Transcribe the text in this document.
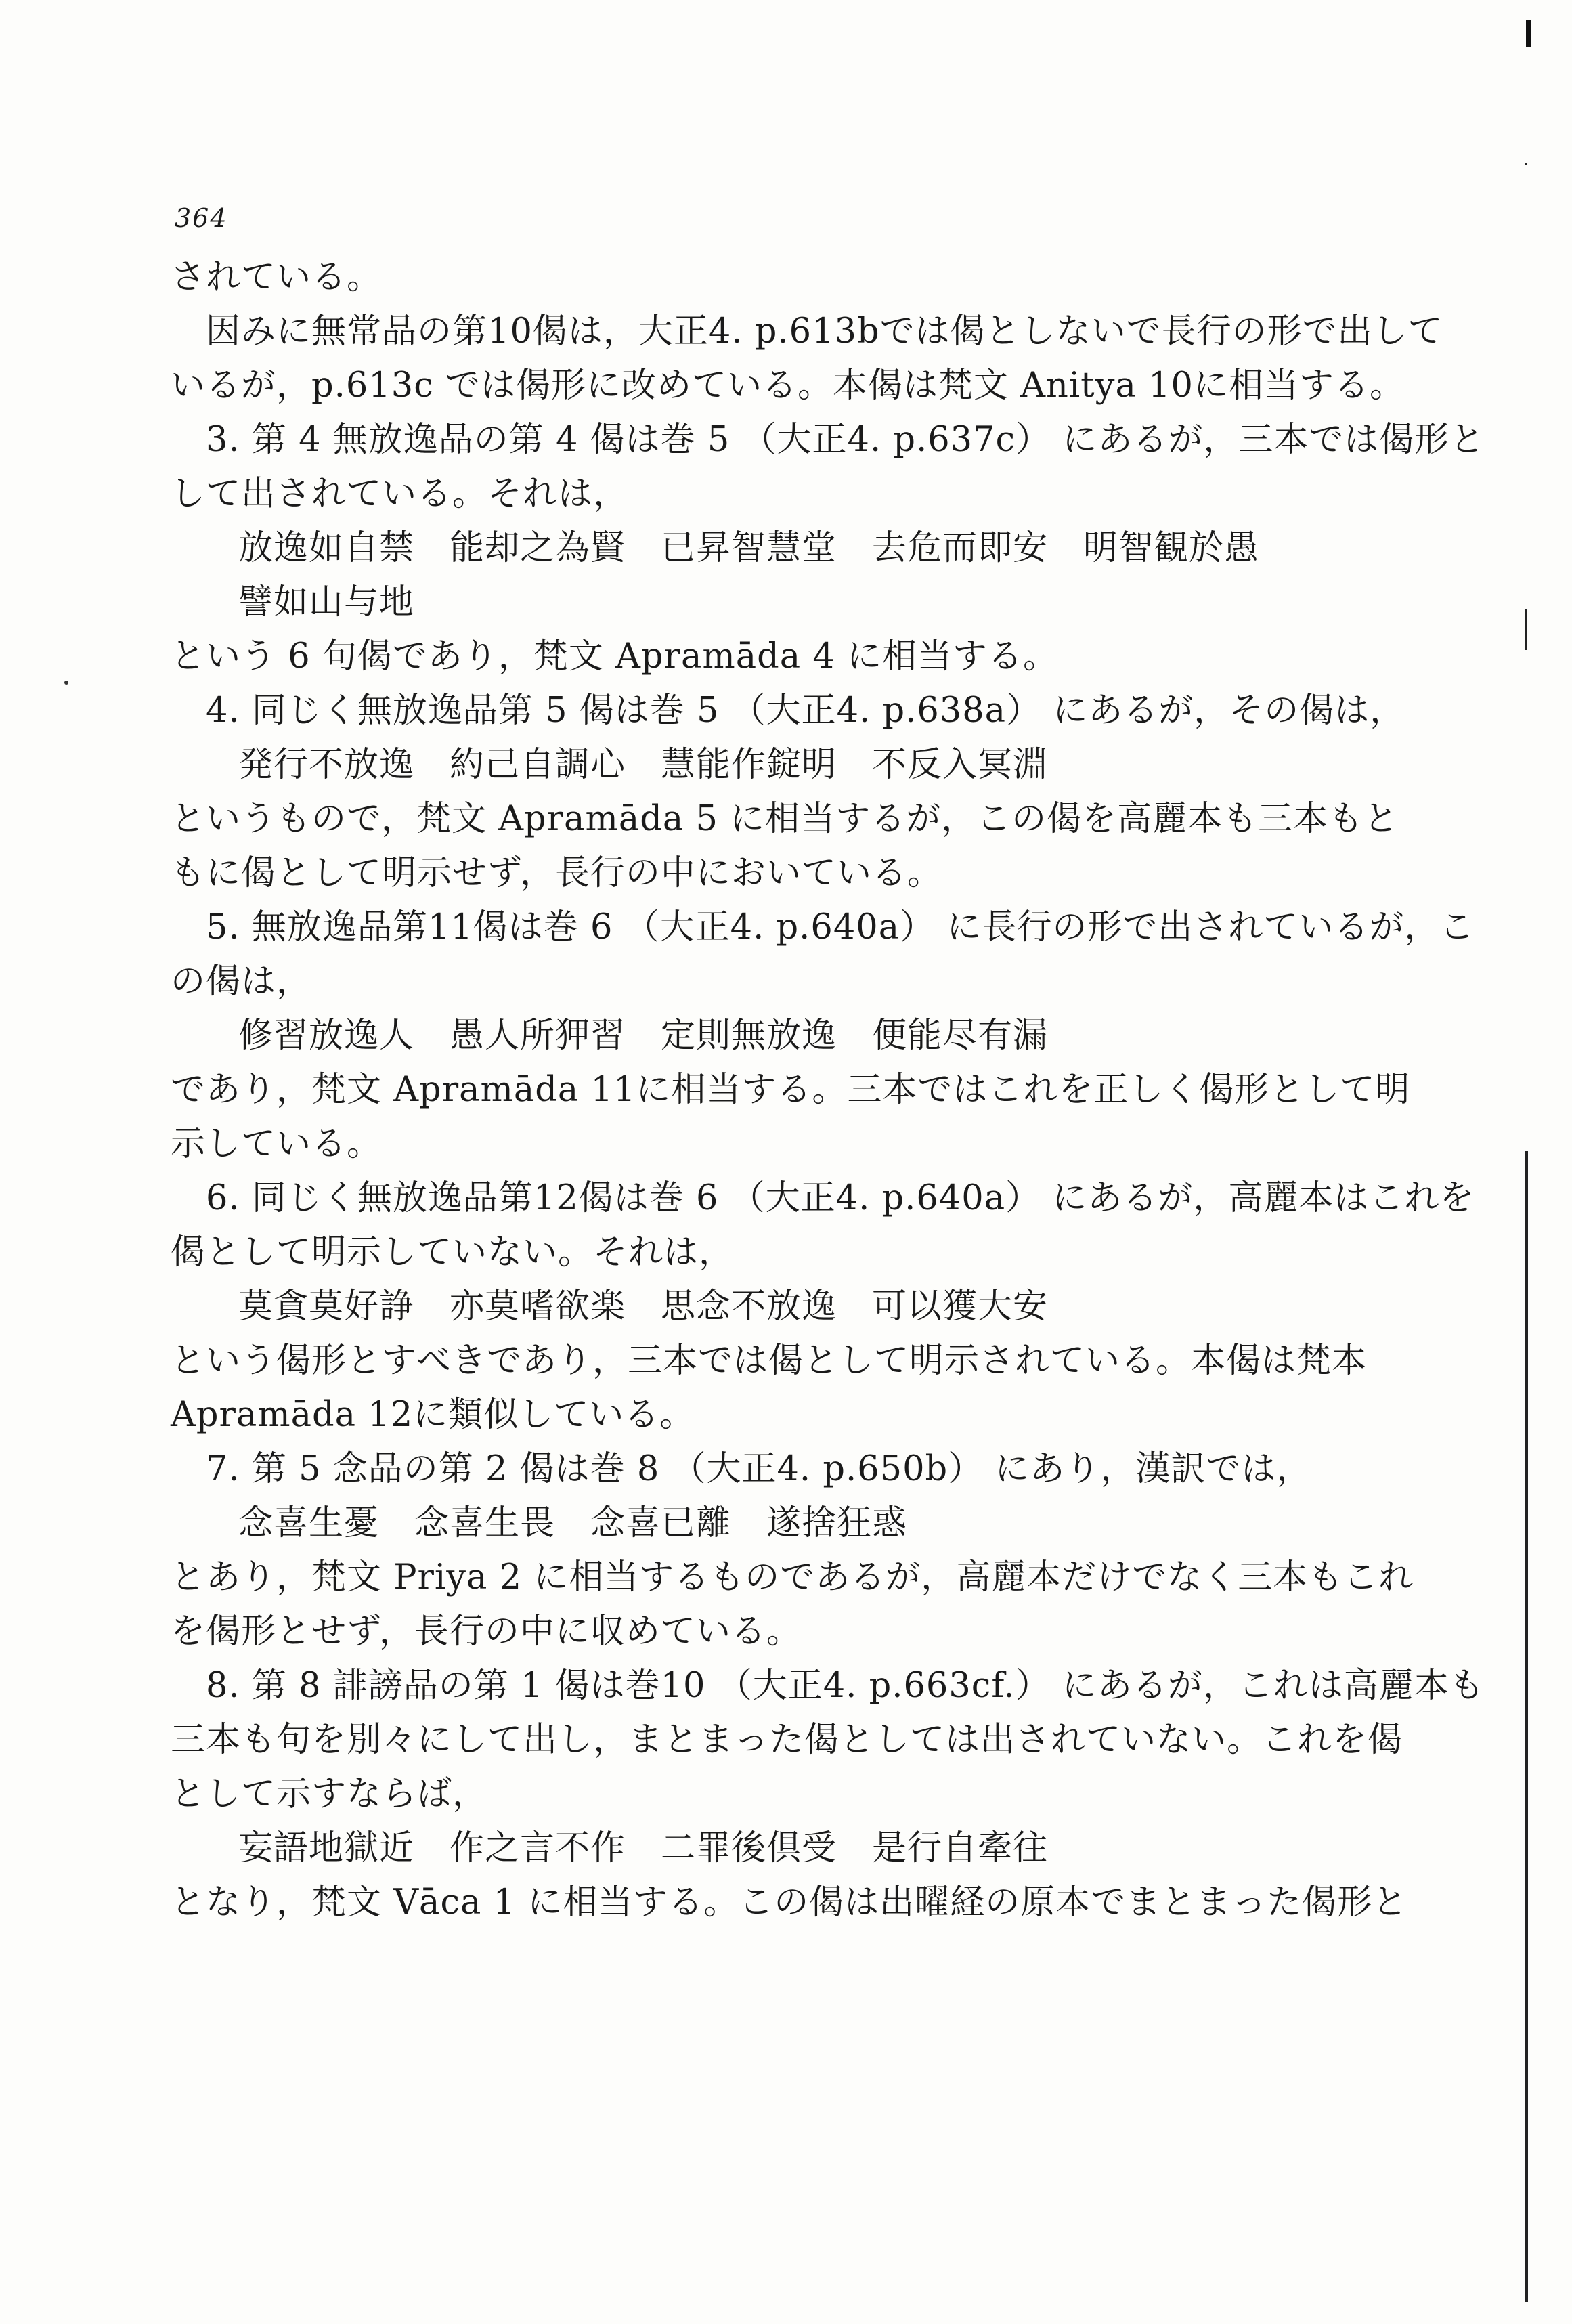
364
されている。
因みに無常品の第10偈は，大正4. p.613bでは偈としないで長行の形で出して
いるが，p.613c では偈形に改めている。本偈は梵文 Anitya 10に相当する。
3. 第 4 無放逸品の第 4 偈は巻 5 （大正4. p.637c） にあるが，三本では偈形と
して出されている。それは，
放逸如自禁　能却之為賢　已昇智慧堂　去危而即安　明智観於愚
譬如山与地
という 6 句偈であり，梵文 Apramāda 4 に相当する。
4. 同じく無放逸品第 5 偈は巻 5 （大正4. p.638a） にあるが，その偈は，
発行不放逸　約己自調心　慧能作錠明　不反入冥淵
というもので，梵文 Apramāda 5 に相当するが，この偈を高麗本も三本もと
もに偈として明示せず，長行の中においている。
5. 無放逸品第11偈は巻 6 （大正4. p.640a） に長行の形で出されているが，こ
の偈は，
修習放逸人　愚人所狎習　定則無放逸　便能尽有漏
であり，梵文 Apramāda 11に相当する。三本ではこれを正しく偈形として明
示している。
6. 同じく無放逸品第12偈は巻 6 （大正4. p.640a） にあるが，高麗本はこれを
偈として明示していない。それは，
莫貪莫好諍　亦莫嗜欲楽　思念不放逸　可以獲大安
という偈形とすべきであり，三本では偈として明示されている。本偈は梵本
Apramāda 12に類似している。
7. 第 5 念品の第 2 偈は巻 8 （大正4. p.650b） にあり，漢訳では，
念喜生憂　念喜生畏　念喜已離　遂捨狂惑
とあり，梵文 Priya 2 に相当するものであるが，高麗本だけでなく三本もこれ
を偈形とせず，長行の中に収めている。
8. 第 8 誹謗品の第 1 偈は巻10 （大正4. p.663cf.） にあるが，これは高麗本も
三本も句を別々にして出し，まとまった偈としては出されていない。これを偈
として示すならば，
妄語地獄近　作之言不作　二罪後倶受　是行自牽往
となり，梵文 Vāca 1 に相当する。この偈は出曜経の原本でまとまった偈形と
